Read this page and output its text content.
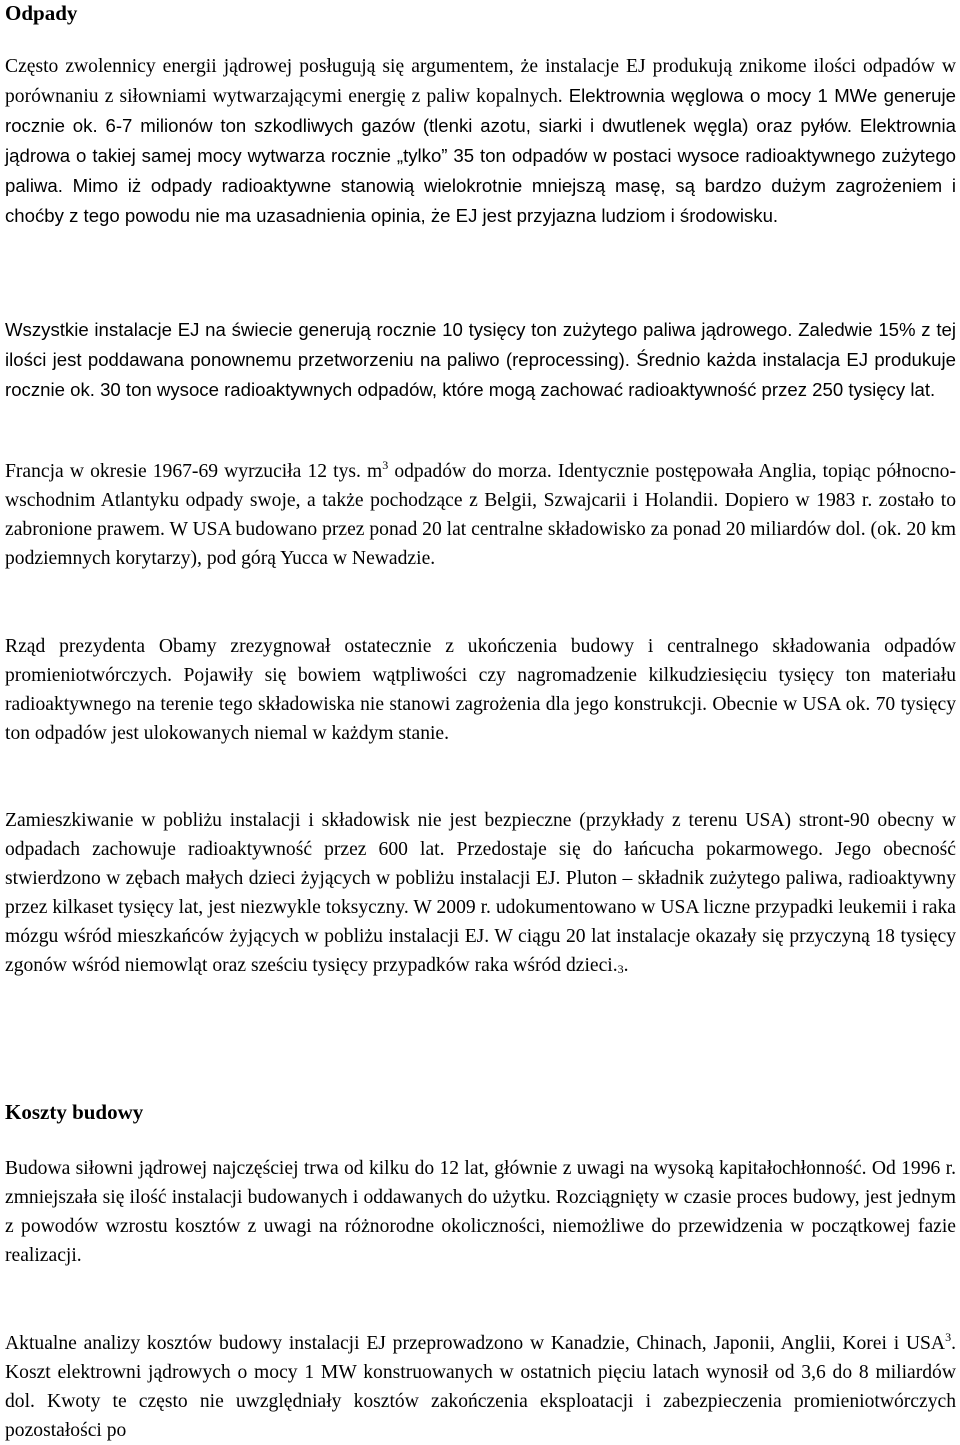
Odpady

Często zwolennicy energii jądrowej posługują się argumentem, że instalacje EJ produkują znikome ilości odpadów w porównaniu z siłowniami wytwarzającymi energię z paliw kopalnych. Elektrownia węglowa o mocy 1 MWe generuje rocznie ok. 6-7 milionów ton szkodliwych gazów (tlenki azotu, siarki i dwutlenek węgla) oraz pyłów. Elektrownia jądrowa o takiej samej mocy wytwarza rocznie „tylko” 35 ton odpadów w postaci wysoce radioaktywnego zużytego paliwa. Mimo iż odpady radioaktywne stanowią wielokrotnie mniejszą masę, są bardzo dużym zagrożeniem i choćby z tego powodu nie ma uzasadnienia opinia, że EJ jest przyjazna ludziom i środowisku.

Wszystkie instalacje EJ na świecie generują rocznie 10 tysięcy ton zużytego paliwa jądrowego. Zaledwie 15% z tej ilości jest poddawana ponownemu przetworzeniu na paliwo (reprocessing). Średnio każda instalacja EJ produkuje rocznie ok. 30 ton wysoce radioaktywnych odpadów, które mogą zachować radioaktywność przez 250 tysięcy lat.

Francja w okresie 1967-69 wyrzuciła 12 tys. $m^3$ odpadów do morza. Identycznie postępowała Anglia, topiąc północno-wschodnim Atlantyku odpady swoje, a także pochodzące z Belgii, Szwajcarii i Holandii. Dopiero w 1983 r. zostało to zabronione prawem. W USA budowano przez ponad 20 lat centralne składowisko za ponad 20 miliardów dol. (ok. 20 km podziemnych korytarzy), pod górą Yucca w Newadzie.

Rząd prezydenta Obamy zrezygnował ostatecznie z ukończenia budowy i centralnego składowania odpadów promieniotwórczych. Pojawiły się bowiem wątpliwości czy nagromadzenie kilkudziesięciu tysięcy ton materiału radioaktywnego na terenie tego składowiska nie stanowi zagrożenia dla jego konstrukcji. Obecnie w USA ok. 70 tysięcy ton odpadów jest ulokowanych niemal w każdym stanie.

Zamieszkiwanie w pobliżu instalacji i składowisk nie jest bezpieczne (przykłady z terenu USA) stront-90 obecny w odpadach zachowuje radioaktywność przez 600 lat. Przedostaje się do łańcucha pokarmowego. Jego obecność stwierdzono w zębach małych dzieci żyjących w pobliżu instalacji EJ. Pluton – składnik zużytego paliwa, radioaktywny przez kilkaset tysięcy lat, jest niezwykle toksyczny. W 2009 r. udokumentowano w USA liczne przypadki leukemii i raka mózgu wśród mieszkańców żyjących w pobliżu instalacji EJ. W ciągu 20 lat instalacje okazały się przyczyną 18 tysięcy zgonów wśród niemowląt oraz sześciu tysięcy przypadków raka wśród $dzieci._3$.

Koszty budowy

Budowa siłowni jądrowej najczęściej trwa od kilku do 12 lat, głównie z uwagi na wysoką kapitałochłonność. Od 1996 r. zmniejszała się ilość instalacji budowanych i oddawanych do użytku. Rozciągnięty w czasie proces budowy, jest jednym z powodów wzrostu kosztów z uwagi na różnorodne okoliczności, niemożliwe do przewidzenia w początkowej fazie realizacji.

Aktualne analizy kosztów budowy instalacji EJ przeprowadzono w Kanadzie, Chinach, Japonii, Anglii, Korei i USA$^3$. Koszt elektrowni jądrowych o mocy 1 MW konstruowanych w ostatnich pięciu latach wynosił od 3,6 do 8 miliardów dol. Kwoty te często nie uwzględniały kosztów zakończenia eksploatacji i zabezpieczenia promieniotwórczych pozostałości po
